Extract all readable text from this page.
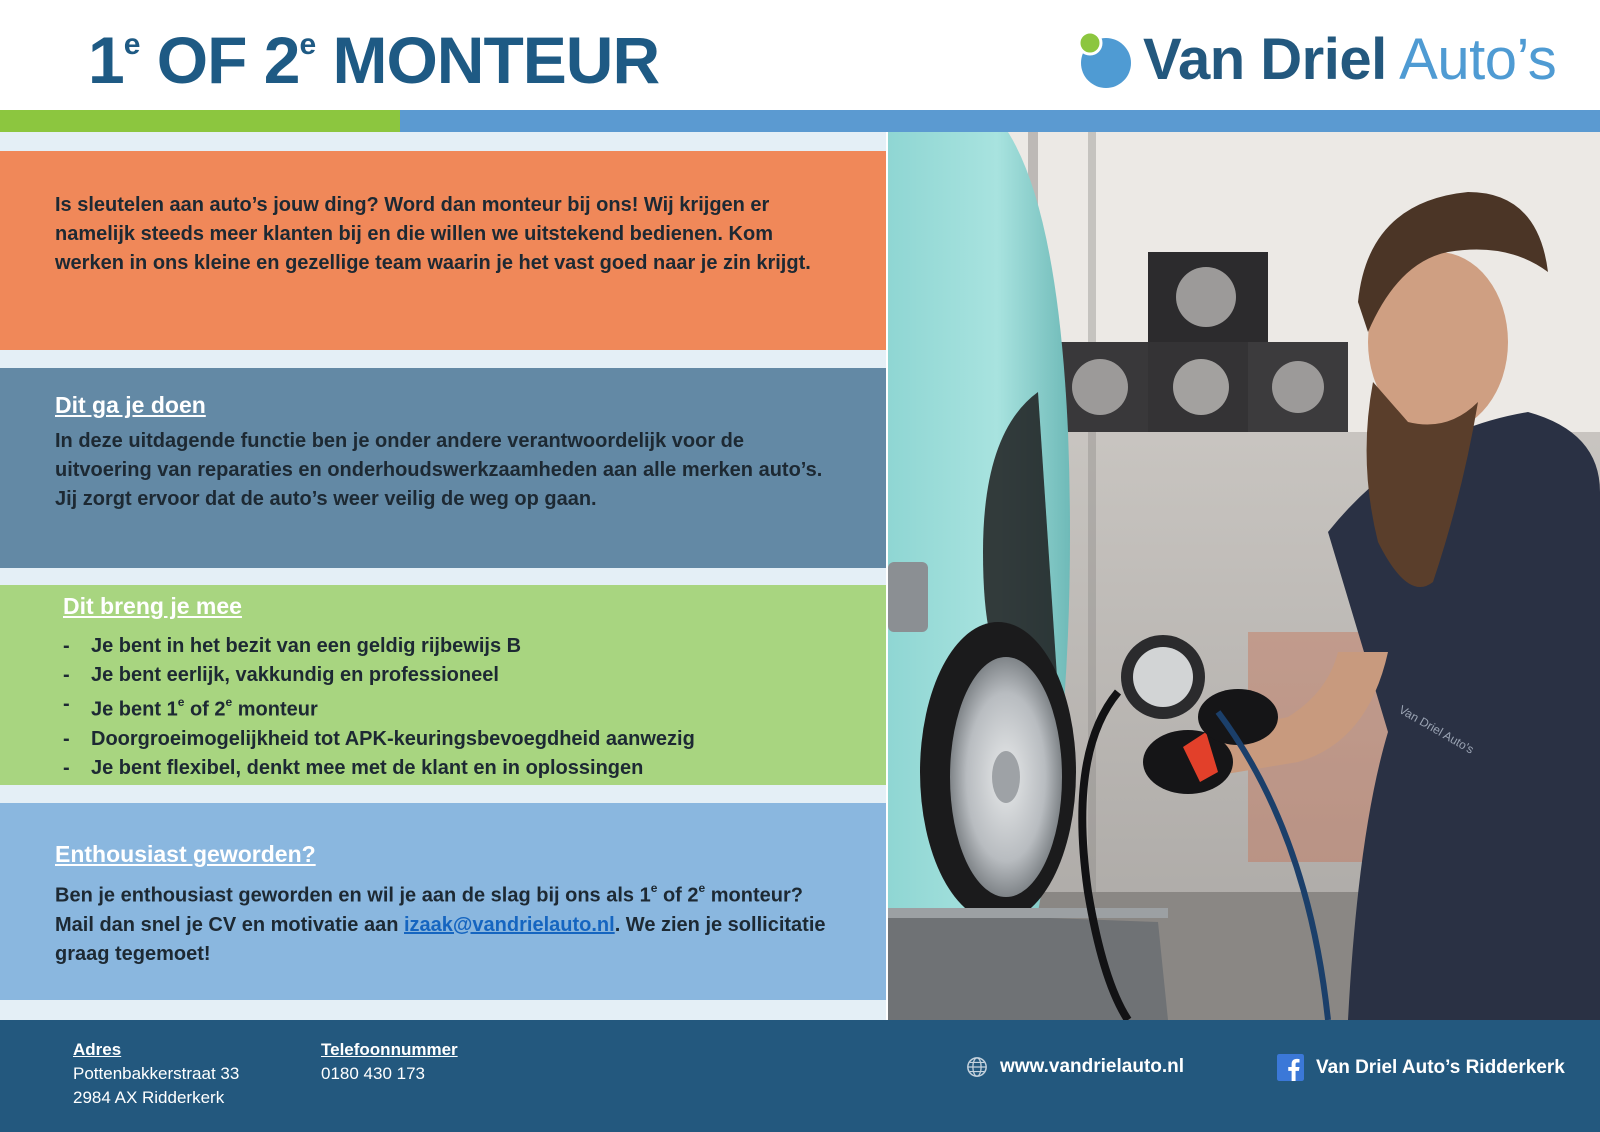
1e OF 2e MONTEUR	Van Driel Auto’s

Is sleutelen aan auto’s jouw ding? Word dan monteur bij ons! Wij krijgen er namelijk steeds meer klanten bij en die willen we uitstekend bedienen. Kom werken in ons kleine en gezellige team waarin je het vast goed naar je zin krijgt.

Dit ga je doen

In deze uitdagende functie ben je onder andere verantwoordelijk voor de uitvoering van reparaties en onderhoudswerkzaamheden aan alle merken auto’s. Jij zorgt ervoor dat de auto’s weer veilig de weg op gaan.

Dit breng je mee
-	Je bent in het bezit van een geldig rijbewijs B
-	Je bent eerlijk, vakkundig en professioneel
-	Je bent 1e of 2e monteur
-	Doorgroeimogelijkheid tot APK-keuringsbevoegdheid aanwezig
-	Je bent flexibel, denkt mee met de klant en in oplossingen
Enthousiast geworden?

Ben je enthousiast geworden en wil je aan de slag bij ons als 1e of 2e monteur?
Mail dan snel je CV en motivatie aan izaak@vandrielauto.nl. We zien je sollicitatie graag tegemoet!

Van Driel Auto's
Adres
Pottenbakkerstraat 33
2984 AX Ridderkerk
Telefoonnummer
0180 430 173	www.vandrielauto.nl	Van Driel Auto’s Ridderkerk
